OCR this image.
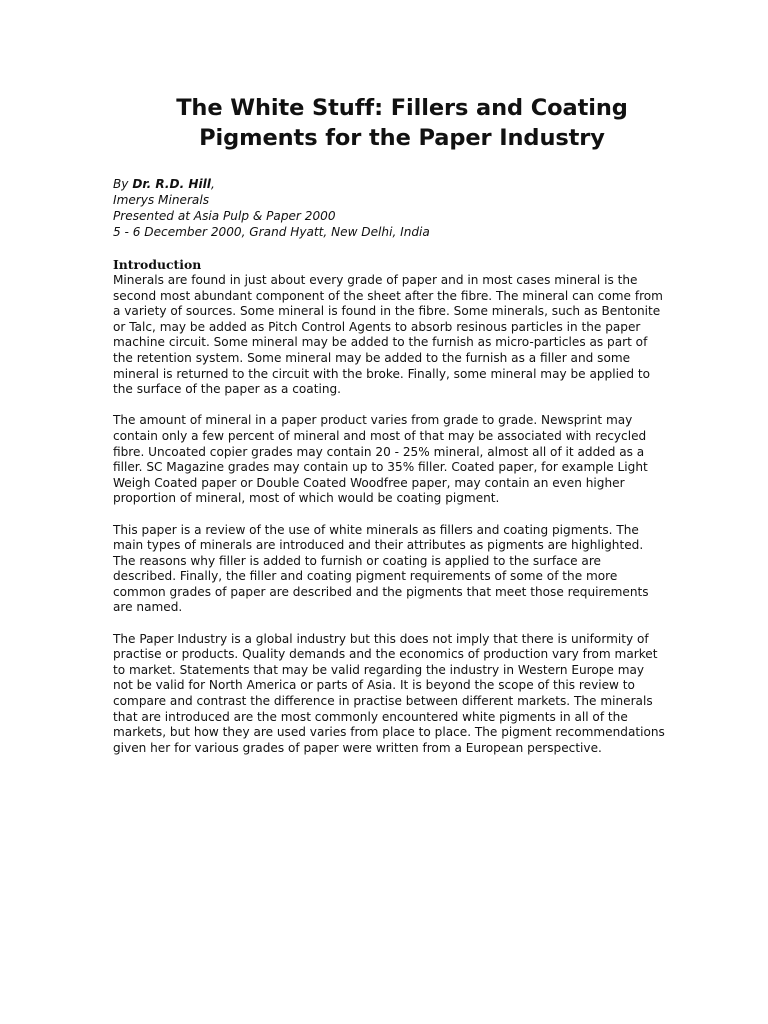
The White Stuff: Fillers and Coating
Pigments for the Paper Industry
By Dr. R.D. Hill,
Imerys Minerals
Presented at Asia Pulp & Paper 2000
5 - 6 December 2000, Grand Hyatt, New Delhi, India
Introduction

Minerals are found in just about every grade of paper and in most cases mineral is the
second most abundant component of the sheet after the fibre. The mineral can come from
a variety of sources. Some mineral is found in the fibre. Some minerals, such as Bentonite
or Talc, may be added as Pitch Control Agents to absorb resinous particles in the paper
machine circuit. Some mineral may be added to the furnish as micro-particles as part of
the retention system. Some mineral may be added to the furnish as a filler and some
mineral is returned to the circuit with the broke. Finally, some mineral may be applied to
the surface of the paper as a coating.

The amount of mineral in a paper product varies from grade to grade. Newsprint may
contain only a few percent of mineral and most of that may be associated with recycled
fibre. Uncoated copier grades may contain 20 - 25% mineral, almost all of it added as a
filler. SC Magazine grades may contain up to 35% filler. Coated paper, for example Light
Weigh Coated paper or Double Coated Woodfree paper, may contain an even higher
proportion of mineral, most of which would be coating pigment.

This paper is a review of the use of white minerals as fillers and coating pigments. The
main types of minerals are introduced and their attributes as pigments are highlighted.
The reasons why filler is added to furnish or coating is applied to the surface are
described. Finally, the filler and coating pigment requirements of some of the more
common grades of paper are described and the pigments that meet those requirements
are named.

The Paper Industry is a global industry but this does not imply that there is uniformity of
practise or products. Quality demands and the economics of production vary from market
to market. Statements that may be valid regarding the industry in Western Europe may
not be valid for North America or parts of Asia. It is beyond the scope of this review to
compare and contrast the difference in practise between different markets. The minerals
that are introduced are the most commonly encountered white pigments in all of the
markets, but how they are used varies from place to place. The pigment recommendations
given her for various grades of paper were written from a European perspective.
